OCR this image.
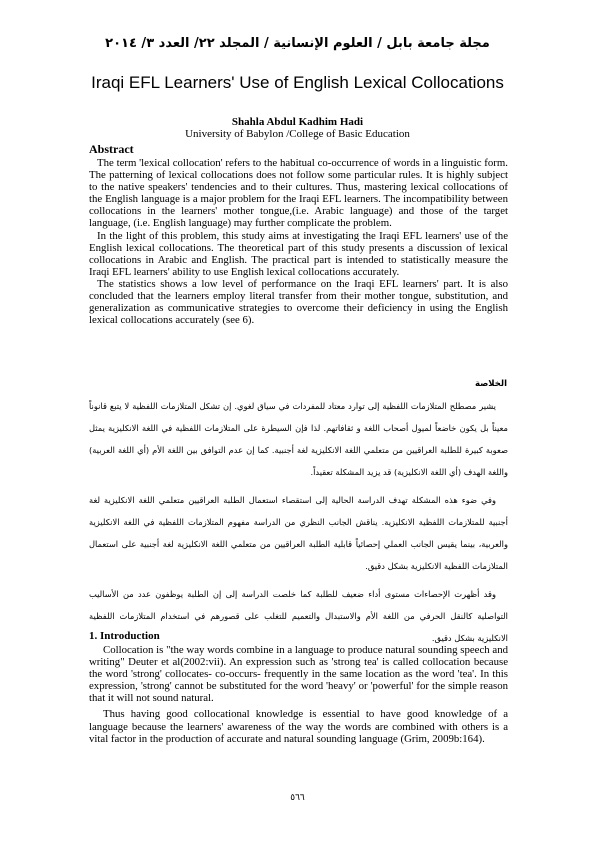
مجلة جامعة بابل / العلوم الإنسانية / المجلد ٢٢/ العدد ٣/ ٢٠١٤
Iraqi EFL Learners' Use of English Lexical Collocations
Shahla Abdul Kadhim Hadi
University of Babylon /College of Basic Education
Abstract

The term 'lexical collocation' refers to the habitual co-occurrence of words in a linguistic form. The patterning of lexical collocations does not follow some particular rules. It is highly subject to the native speakers' tendencies and to their cultures. Thus, mastering lexical collocations of the English language is a major problem for the Iraqi EFL learners. The incompatibility between collocations in the learners' mother tongue,(i.e. Arabic language) and those of the target language, (i.e. English language) may further complicate the problem.

In the light of this problem, this study aims at investigating the Iraqi EFL learners' use of the English lexical collocations. The theoretical part of this study presents a discussion of lexical collocations in Arabic and English. The practical part is intended to statistically measure the Iraqi EFL learners' ability to use English lexical collocations accurately.

The statistics shows a low level of performance on the Iraqi EFL learners' part. It is also concluded that the learners employ literal transfer from their mother tongue, substitution, and generalization as communicative strategies to overcome their deficiency in using the English lexical collocations accurately (see 6).

الخلاصة

يشير مصطلح المتلازمات اللفظية إلى توارد معتاد للمفردات في سياق لغوي. إن تشكل المتلازمات اللفظية لا يتبع قانوناً معيناً بل يكون خاضعاً لميول أصحاب اللغة و ثقافاتهم. لذا فإن السيطرة على المتلازمات اللفظية في اللغة الانكليزية يمثل صعوبة كبيرة للطلبة العراقيين من متعلمي اللغة الانكليزية لغة أجنبية. كما إن عدم التوافق بين اللغة الأم (أي اللغة العربية) واللغة الهدف (أي اللغة الانكليزية) قد يزيد المشكلة تعقيداً.

وفي ضوء هذه المشكلة تهدف الدراسة الحالية إلى استقصاء استعمال الطلبة العراقيين متعلمي اللغة الانكليزية لغة أجنبية للمتلازمات اللفظية الانكليزية. يناقش الجانب النظري من الدراسة مفهوم المتلازمات اللفظية في اللغة الانكليزية والعربية، بينما يقيس الجانب العملي إحصائياً قابلية الطلبة العراقيين من متعلمي اللغة الانكليزية لغة أجنبية على استعمال المتلازمات اللفظية الانكليزية بشكل دقيق.

وقد أظهرت الإحصاءات مستوى أداء ضعيف للطلبة كما خلصت الدراسة إلى إن الطلبة يوظفون عدد من الأساليب التواصلية كالنقل الحرفي من اللغة الأم والاستبدال والتعميم للتغلب على قصورهم في استخدام المتلازمات اللفظية الانكليزية بشكل دقيق.

1. Introduction

Collocation is "the way words combine in a language to produce natural sounding speech and writing" Deuter et al(2002:vii). An expression such as 'strong tea' is called collocation because the word 'strong' collocates- co-occurs- frequently in the same location as the word 'tea'. In this expression, 'strong' cannot be substituted for the word 'heavy' or 'powerful' for the simple reason that it will not sound natural.

Thus having good collocational knowledge is essential to have good knowledge of a language because the learners' awareness of the way the words are combined with others is a vital factor in the production of accurate and natural sounding language (Grim, 2009b:164).

٥٦٦
